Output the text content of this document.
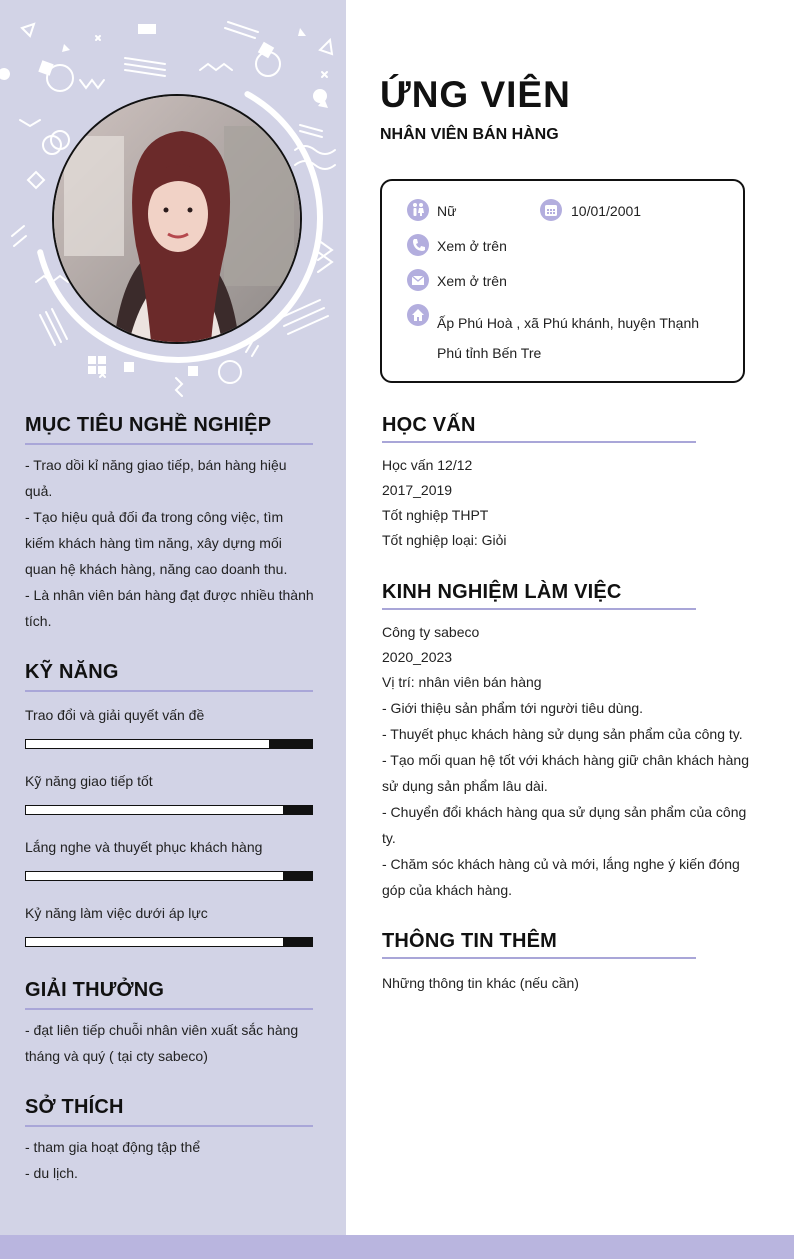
MỤC TIÊU NGHỀ NGHIỆP
- Trao dồi kỉ năng giao tiếp, bán hàng hiệu
quả.
- Tạo hiệu quả đối đa trong công việc, tìm
kiếm khách hàng tìm năng, xây dựng mối
quan hệ khách hàng, năng cao doanh thu.
- Là nhân viên bán hàng đạt được nhiều thành
tích.
KỸ NĂNG
Trao đổi và giải quyết vấn đề
Kỹ năng giao tiếp tốt
Lắng nghe và thuyết phục khách hàng
Kỷ năng làm việc dưới áp lực
GIẢI THƯỞNG
- đạt liên tiếp chuỗi nhân viên xuất sắc hàng
tháng và quý ( tại cty sabeco)
SỞ THÍCH
- tham gia hoạt động tập thể
- du lịch.
ỨNG VIÊN
NHÂN VIÊN BÁN HÀNG
Nữ	10/01/2001
Xem ở trên
Xem ở trên
Ấp Phú Hoà , xã Phú khánh, huyện Thạnh
Phú tỉnh Bến Tre
HỌC VẤN
Học vấn 12/12
2017_2019
Tốt nghiệp THPT
Tốt nghiệp loại: Giỏi
KINH NGHIỆM LÀM VIỆC
Công ty sabeco
2020_2023
Vị trí: nhân viên bán hàng
- Giới thiệu sản phẩm tới người tiêu dùng.
- Thuyết phục khách hàng sử dụng sản phẩm của công ty.
- Tạo mối quan hệ tốt với khách hàng giữ chân khách hàng
sử dụng sản phẩm lâu dài.
- Chuyển đổi khách hàng qua sử dụng sản phẩm của công
ty.
- Chăm sóc khách hàng củ và mới, lắng nghe ý kiến đóng
góp của khách hàng.
THÔNG TIN THÊM
Những thông tin khác (nếu cần)
